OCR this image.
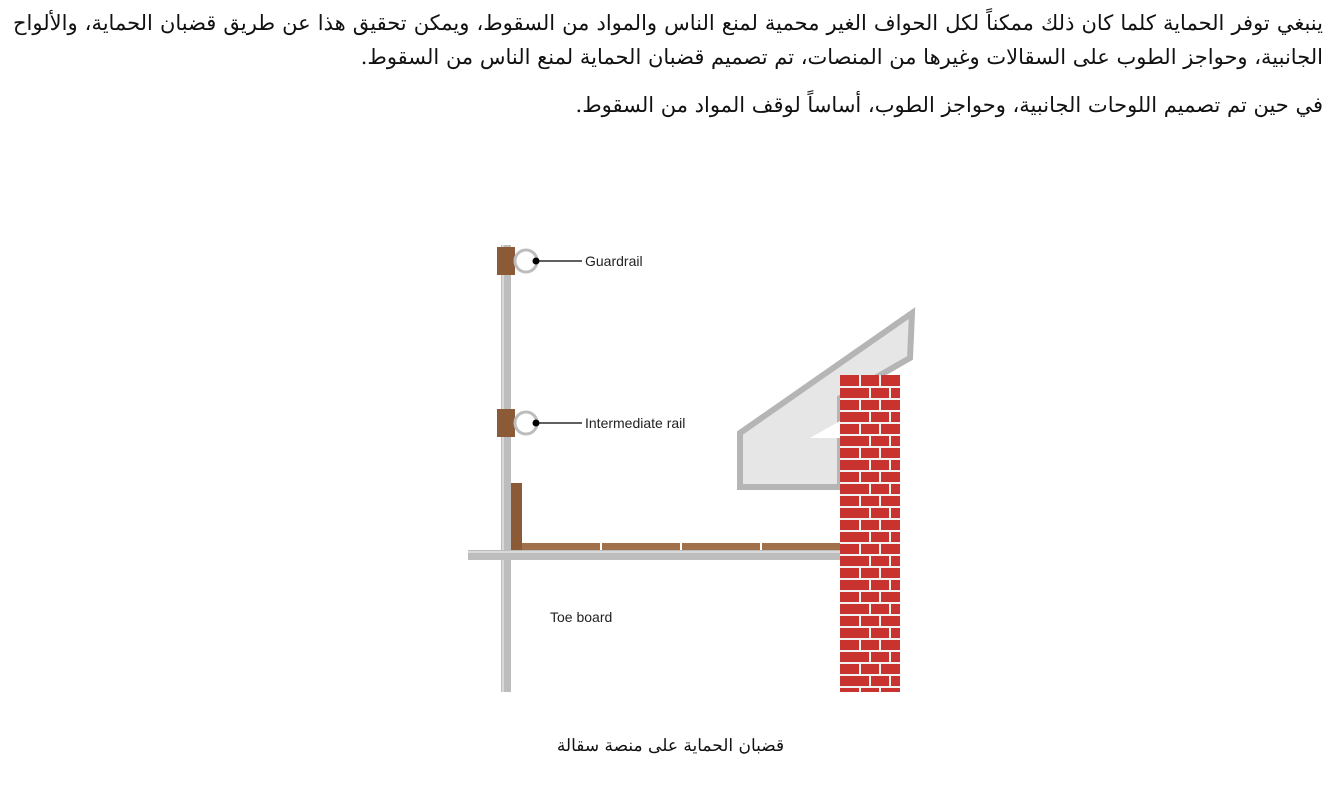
ينبغي توفر الحماية كلما كان ذلك ممكناً لكل الحواف الغير محمية لمنع الناس والمواد من السقوط، ويمكن تحقيق هذا عن طريق قضبان الحماية، والألواح الجانبية، وحواجز الطوب على السقالات وغيرها من المنصات، تم تصميم قضبان الحماية لمنع الناس من السقوط.

في حين تم تصميم اللوحات الجانبية، وحواجز الطوب، أساساً لوقف المواد من السقوط.

Guardrail
Intermediate rail
Toe board
قضبان الحماية على منصة سقالة
